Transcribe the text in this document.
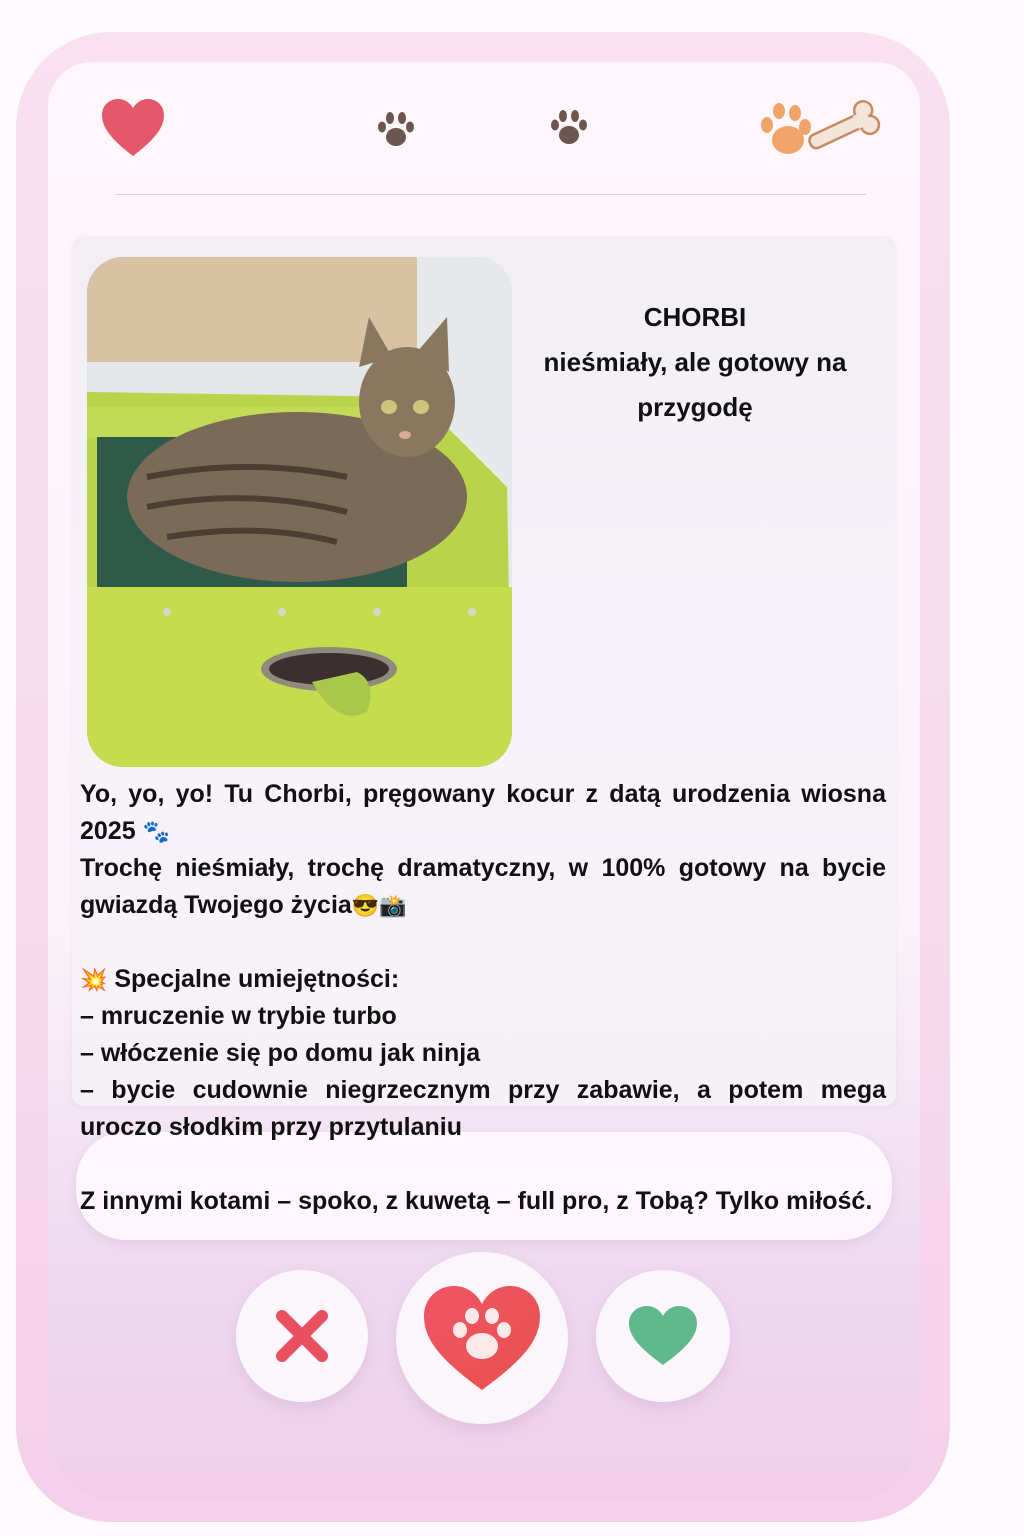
CHORBI
nieśmiały, ale gotowy na przygodę

Yo, yo, yo! Tu Chorbi, pręgowany kocur z datą urodzenia wiosna 2025 🐾

Trochę nieśmiały, trochę dramatyczny, w 100% gotowy na bycie gwiazdą Twojego życia😎📸

💥 Specjalne umiejętności:

– mruczenie w trybie turbo

– włóczenie się po domu jak ninja

– bycie cudownie niegrzecznym przy zabawie, a potem mega uroczo słodkim przy przytulaniu

Z innymi kotami – spoko, z kuwetą – full pro, z Tobą? Tylko miłość.
